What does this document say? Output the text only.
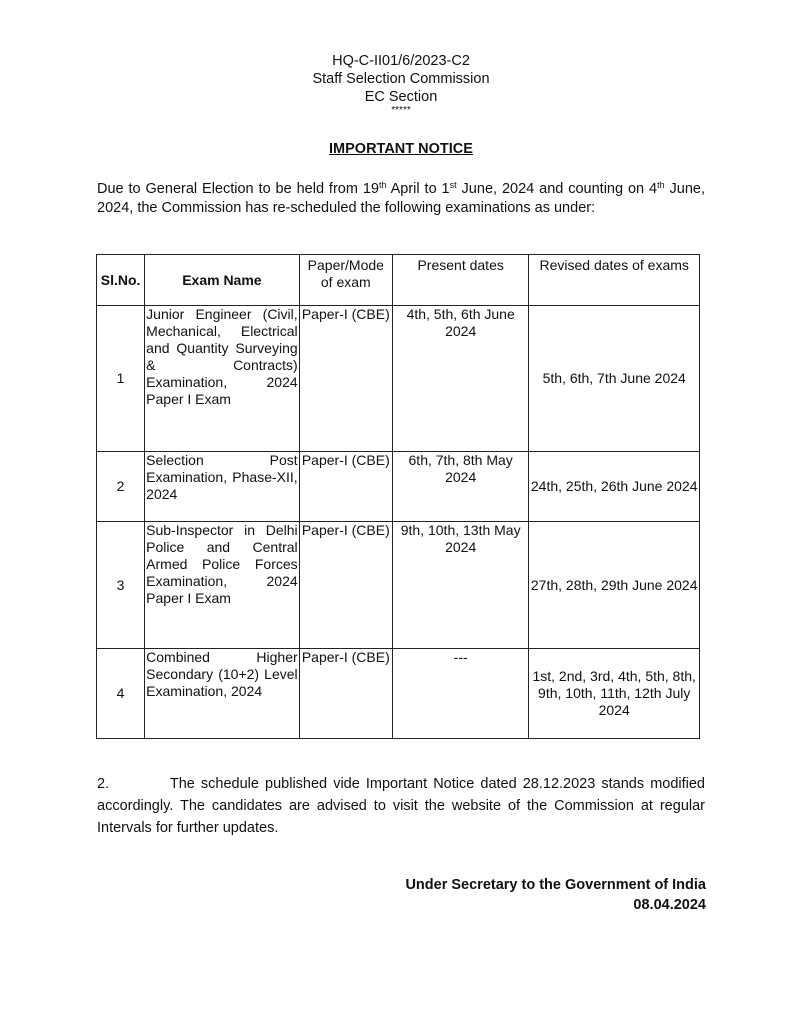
HQ-C-II01/6/2023-C2
Staff Selection Commission
EC Section
*****
IMPORTANT NOTICE
Due to General Election to be held from 19th April to 1st June, 2024 and counting on 4th June, 2024, the Commission has re-scheduled the following examinations as under:
Sl.No.	Exam Name	Paper/Mode of exam	Present dates	Revised dates of exams
1	Junior Engineer (Civil, Mechanical, Electrical and Quantity Surveying & Contracts) Examination, 2024 Paper I Exam	Paper-I (CBE)	4th, 5th, 6th June 2024	5th, 6th, 7th June 2024
2	Selection Post Examination, Phase-XII, 2024	Paper-I (CBE)	6th, 7th, 8th May 2024	24th, 25th, 26th June 2024
3	Sub-Inspector in Delhi Police and Central Armed Police Forces Examination, 2024 Paper I Exam	Paper-I (CBE)	9th, 10th, 13th May 2024	27th, 28th, 29th June 2024
4	Combined Higher Secondary (10+2) Level Examination, 2024	Paper-I (CBE)	---	1st, 2nd, 3rd, 4th, 5th, 8th, 9th, 10th, 11th, 12th July 2024
2.          The schedule published vide Important Notice dated 28.12.2023 stands modified accordingly. The candidates are advised to visit the website of the Commission at regular Intervals for further updates.
Under Secretary to the Government of India
08.04.2024
